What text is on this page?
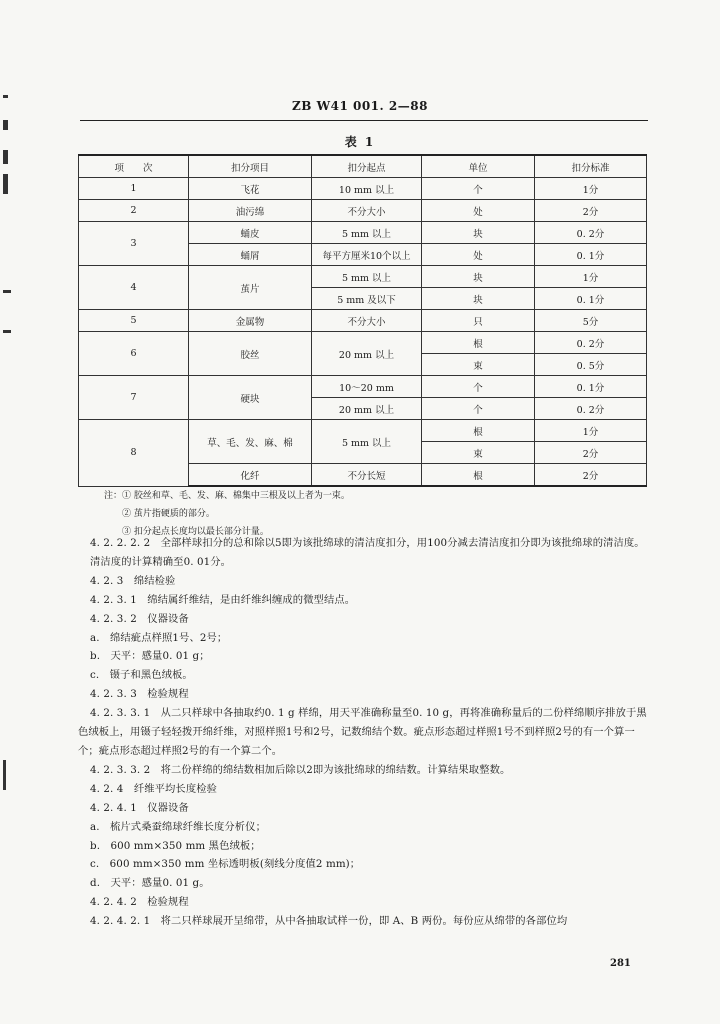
ZB W41 001. 2—88
表 1
项　　次	扣分项目	扣分起点	单位	扣分标准
1	飞花	10 mm 以上	个	1分
2	油污绵	不分大小	处	2分
3	蛹皮	5 mm 以上	块	0. 2分
	蛹屑	每平方厘米10个以上	处	0. 1分
4	茧片	5 mm 以上	块	1分
		5 mm 及以下	块	0. 1分
5	金属物	不分大小	只	5分
6	胶丝	20 mm 以上	根	0. 2分
			束	0. 5分
7	硬块	10～20 mm	个	0. 1分
		20 mm 以上	个	0. 2分
8	草、毛、发、麻、棉	5 mm 以上	根	1分
			束	2分
	化纤	不分长短	根	2分
注：① 胶丝和草、毛、发、麻、棉集中三根及以上者为一束。
② 茧片指硬质的部分。
③ 扣分起点长度均以最长部分计量。

4. 2. 2. 2. 2　全部样球扣分的总和除以5即为该批绵球的清洁度扣分，用100分减去清洁度扣分即为该批绵球的清洁度。

清洁度的计算精确至0. 01分。

4. 2. 3　绵结检验

4. 2. 3. 1　绵结属纤维结，是由纤维纠缠成的微型结点。

4. 2. 3. 2　仪器设备

a.　绵结疵点样照1号、2号；

b.　天平：感量0. 01 g；

c.　镊子和黑色绒板。

4. 2. 3. 3　检验规程

4. 2. 3. 3. 1　从二只样球中各抽取约0. 1 g 样绵，用天平准确称量至0. 10 g，再将准确称量后的二份样绵顺序排放于黑色绒板上，用镊子轻轻拨开绵纤维，对照样照1号和2号，记数绵结个数。疵点形态超过样照1号不到样照2号的有一个算一个；疵点形态超过样照2号的有一个算二个。

4. 2. 3. 3. 2　将二份样绵的绵结数相加后除以2即为该批绵球的绵结数。计算结果取整数。

4. 2. 4　纤维平均长度检验

4. 2. 4. 1　仪器设备

a.　梳片式桑蚕绵球纤维长度分析仪；

b.　600 mm×350 mm 黑色绒板；

c.　600 mm×350 mm 坐标透明板(刻线分度值2 mm)；

d.　天平：感量0. 01 g。

4. 2. 4. 2　检验规程

4. 2. 4. 2. 1　将二只样球展开呈绵带，从中各抽取试样一份，即 A、B 两份。每份应从绵带的各部位均

281
